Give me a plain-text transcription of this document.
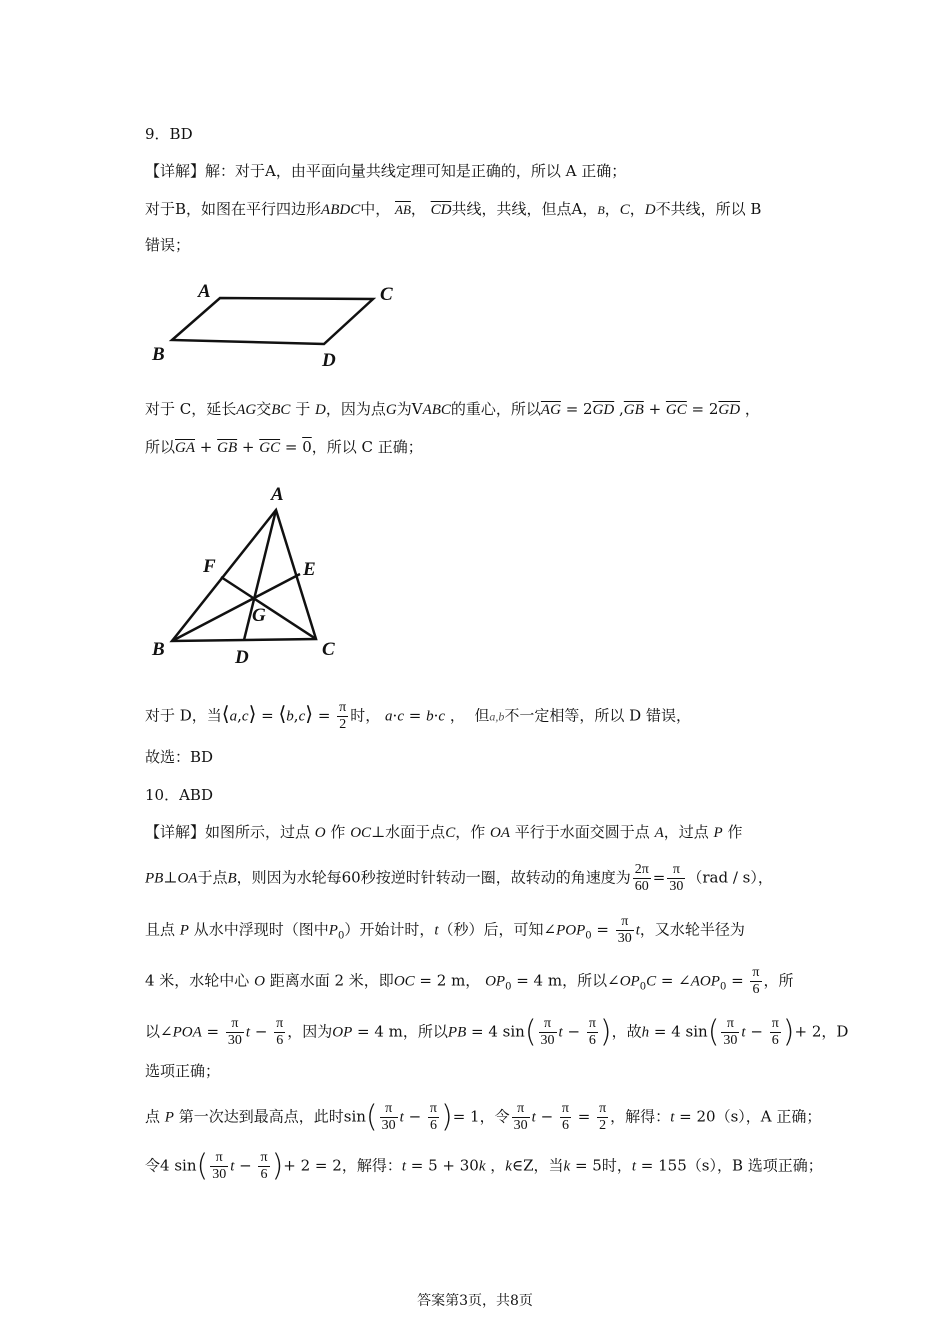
9．BD
【详解】解：对于A，由平面向量共线定理可知是正确的，所以 A 正确；
对于B，如图在平行四边形ABDC中， $\overline{AB}$， $\overline{CD}$共线，共线，但点A，B，C，D不共线，所以 B
错误；
A	C
B	D
对于 C，延长AG交BC 于 D，因为点G为VABC的重心，所以$\overline{AG} = 2\overline{GD}$ $,\overline{GB} + \overline{GC} = 2\overline{GD}$ ，
所以$\overline{GA} + \overline{GB} + \overline{GC} = 0$，所以 C 正确；
A
F	E
G
B	D	C
对于 D，当⟨a,c⟩ = ⟨b,c⟩ = $\frac{\pi}{2}$ 时， a·c = b·c ，  但a,b不一定相等，所以 D 错误，
故选：BD
10．ABD
【详解】如图所示，过点 O 作 OC⊥水面于点C，作 OA 平行于水面交圆于点 A，过点 P 作
PB⊥OA于点B，则因为水轮每60秒按逆时针转动一圈，故转动的角速度为 $\frac{2\pi}{60} = \frac{\pi}{30} (rad / s)$，
且点 P 从水中浮现时（图中$P_0$）开始计时，t（秒）后，可知$\angle POP_0 = \frac{\pi}{30}$ t，又水轮半径为
4 米，水轮中心 O 距离水面 2 米，即OC = 2 m， $OP_0 = 4$ m，所以$\angle OP_0C$ = $\angle AOP_0 = \frac{\pi}{6}$ ，所
以∠POA = $\frac{\pi}{30}$ $t - \frac{\pi}{6}$ ，因为OP = 4 m，所以PB = 4 $\sin( \frac{\pi}{30}$ $t - \frac{\pi}{6}$ )，故h = 4 $\sin( \frac{\pi}{30}$ $t - \frac{\pi}{6}$ )+ 2，D
选项正确；
点 P 第一次达到最高点，此时$\sin( \frac{\pi}{30}$ $t - \frac{\pi}{6}$ )= 1，令 $\frac{\pi}{30}$ $t - \frac{\pi}{6} = \frac{\pi}{2}$ ，解得：t = 20（s），A 正确；
令4 $\sin( \frac{\pi}{30}$ $t - \frac{\pi}{6}$ )+ 2 = 2，解得：t = 5 + 30k ，k∈Z，当k = 5时，t = 155（s），B 选项正确；
答案第3页，共8页
